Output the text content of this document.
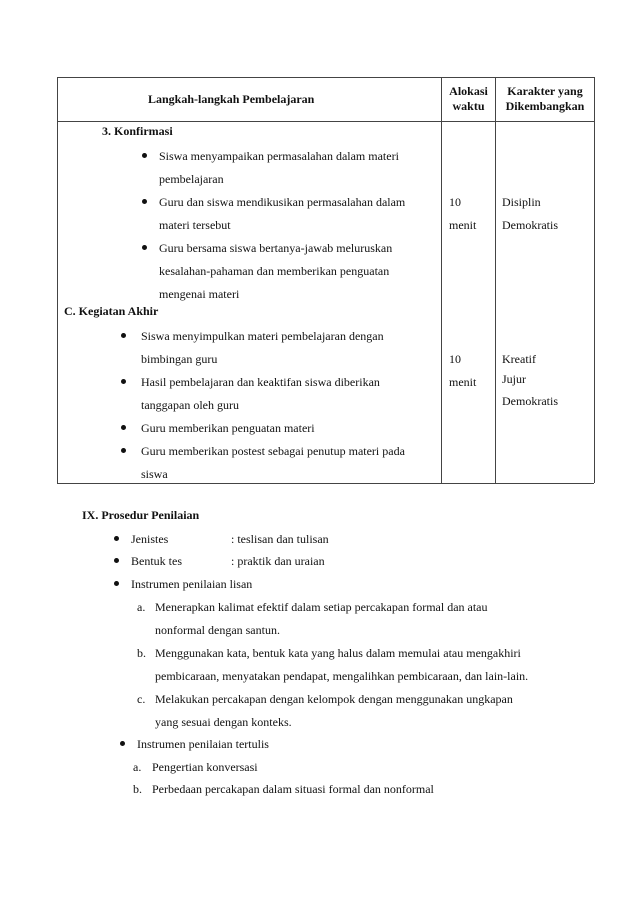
Langkah-langkah Pembelajaran
Alokasi
waktu
Karakter yang
Dikembangkan
3. Konfirmasi
Siswa menyampaikan permasalahan dalam materi
pembelajaran
Guru dan siswa mendikusikan permasalahan dalam
materi tersebut
Guru bersama siswa bertanya-jawab meluruskan
kesalahan-pahaman dan memberikan penguatan
mengenai materi
10
menit
Disiplin
Demokratis
C. Kegiatan Akhir
Siswa menyimpulkan materi pembelajaran dengan
bimbingan guru
Hasil pembelajaran dan keaktifan siswa diberikan
tanggapan oleh guru
Guru memberikan penguatan materi
Guru memberikan postest sebagai penutup materi pada
siswa
10
menit
Kreatif
Jujur
Demokratis
IX. Prosedur Penilaian
Jenistes	: teslisan dan tulisan
Bentuk tes	: praktik dan uraian
Instrumen penilaian lisan
a. Menerapkan kalimat efektif dalam setiap percakapan formal dan atau
nonformal dengan santun.
b. Menggunakan kata, bentuk kata yang halus dalam memulai atau mengakhiri
pembicaraan, menyatakan pendapat, mengalihkan pembicaraan, dan lain-lain.
c. Melakukan percakapan dengan kelompok dengan menggunakan ungkapan
yang sesuai dengan konteks.
Instrumen penilaian tertulis
a. Pengertian konversasi
b. Perbedaan percakapan dalam situasi formal dan nonformal
